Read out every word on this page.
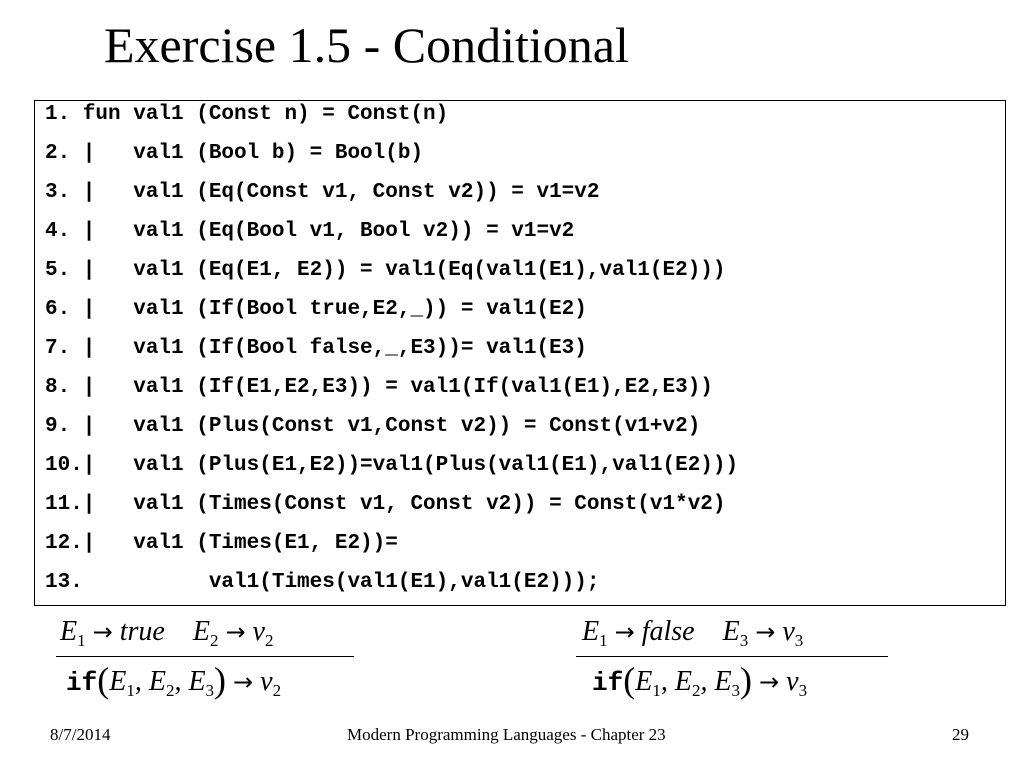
Exercise 1.5 - Conditional
1. fun val1 (Const n) = Const(n)
2. |   val1 (Bool b) = Bool(b)
3. |   val1 (Eq(Const v1, Const v2)) = v1=v2
4. |   val1 (Eq(Bool v1, Bool v2)) = v1=v2
5. |   val1 (Eq(E1, E2)) = val1(Eq(val1(E1),val1(E2)))
6. |   val1 (If(Bool true,E2,_)) = val1(E2)
7. |   val1 (If(Bool false,_,E3))= val1(E3)
8. |   val1 (If(E1,E2,E3)) = val1(If(val1(E1),E2,E3))
9. |   val1 (Plus(Const v1,Const v2)) = Const(v1+v2)
10.|   val1 (Plus(E1,E2))=val1(Plus(val1(E1),val1(E2)))
11.|   val1 (Times(Const v1, Const v2)) = Const(v1*v2)
12.|   val1 (Times(E1, E2))=
13.          val1(Times(val1(E1),val1(E2)));
$E_1$ → true $E_2 \to v_2$
$if(E_1$, $E_2$, $E_3) \to v_2$
$E_1$ → false $E_3 \to v_3$
$if(E_1$, $E_2$, $E_3) \to v_3$
8/7/2014	Modern Programming Languages - Chapter 23	29
